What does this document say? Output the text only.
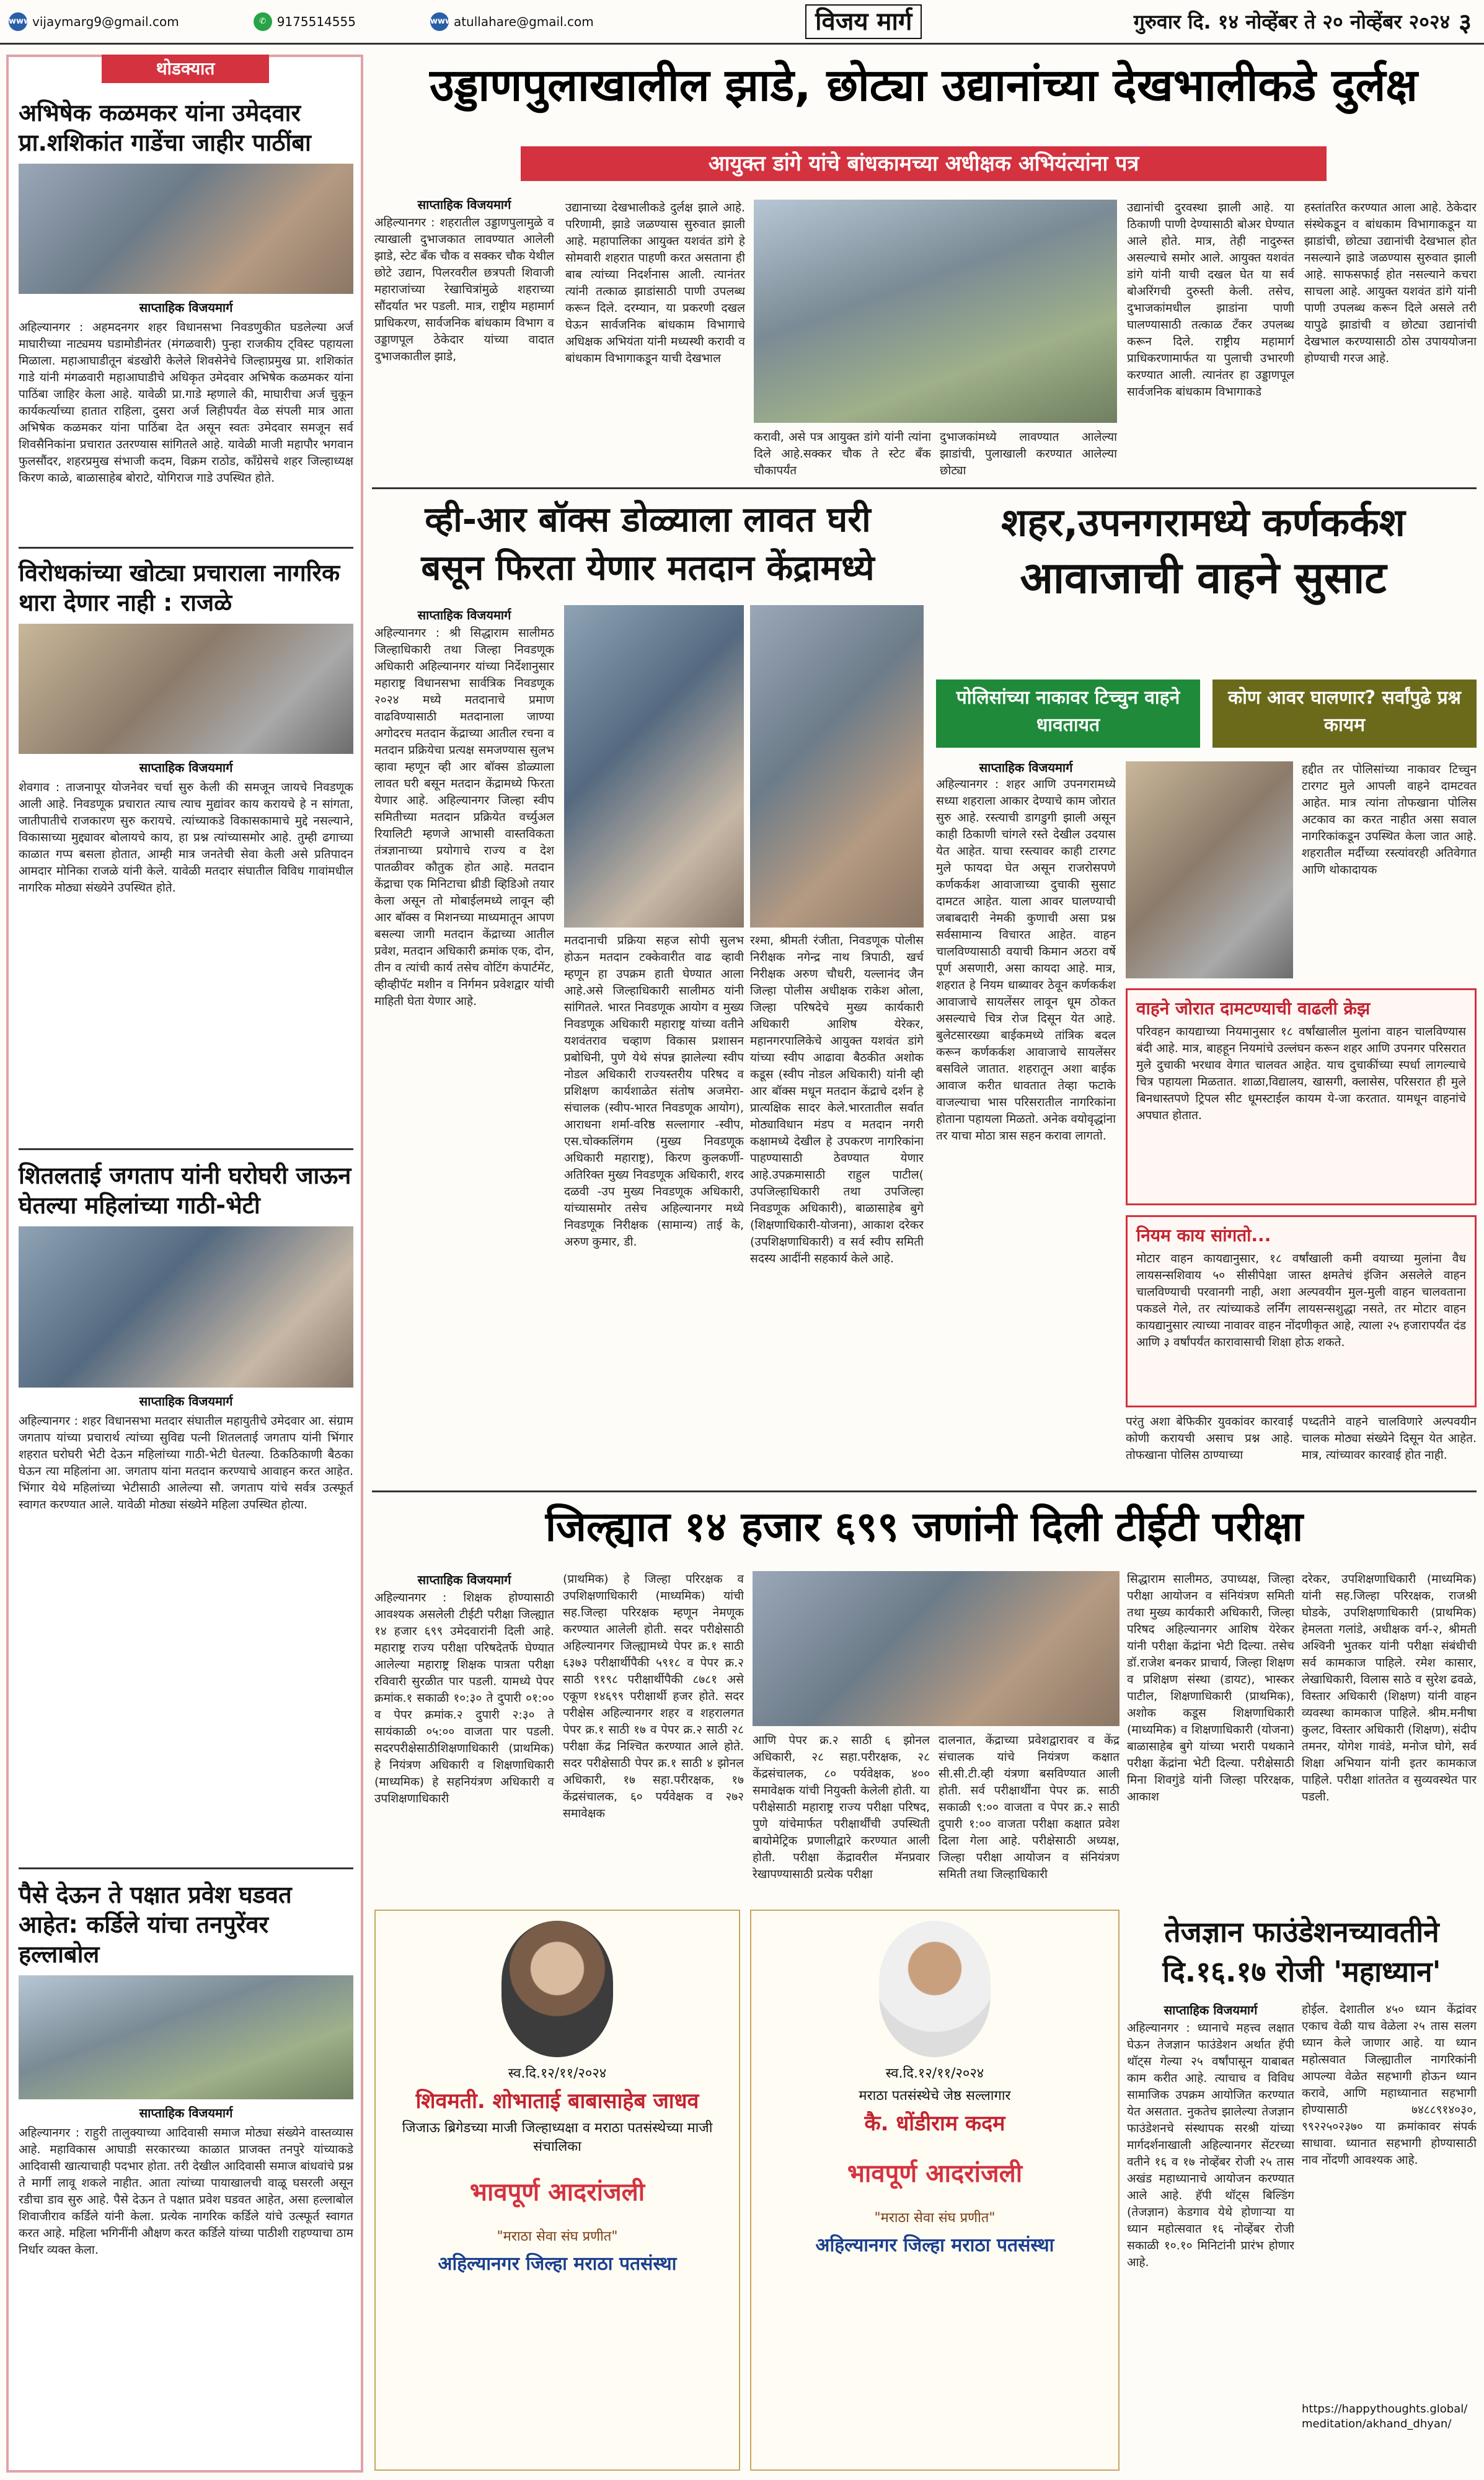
www vijaymarg9@gmail.com	✆ 9175514555	www atullahare@gmail.com	विजय मार्ग	गुरुवार दि. १४ नोव्हेंबर ते २० नोव्हेंबर २०२४ ३
थोडक्यात
अभिषेक कळमकर यांना उमेदवार प्रा.शशिकांत गाडेंचा जाहीर पाठींबा
साप्ताहिक विजयमार्ग
अहिल्यानगर : अहमदनगर शहर विधानसभा निवडणुकीत घडलेल्या अर्ज माघारीच्या नाट्यमय घडामोडीनंतर (मंगळवारी) पुन्हा राजकीय ट्विस्ट पहायला मिळाला. महाआघाडीतून बंडखोरी केलेले शिवसेनेचे जिल्हाप्रमुख प्रा. शशिकांत गाडे यांनी मंगळवारी महाआघाडीचे अधिकृत उमेदवार अभिषेक कळमकर यांना पाठिंबा जाहिर केला आहे. यावेळी प्रा.गाडे म्हणाले की, माघारीचा अर्ज चुकून कार्यकर्त्याच्या हातात राहिला, दुसरा अर्ज लिहीपर्यंत वेळ संपली मात्र आता अभिषेक कळमकर यांना पाठिंबा देत असून स्वतः उमेदवार समजून सर्व शिवसैनिकांना प्रचारात उतरण्यास सांगितले आहे. यावेळी माजी महापौर भगवान फुलसौंदर, शहरप्रमुख संभाजी कदम, विक्रम राठोड, काँग्रेसचे शहर जिल्हाध्यक्ष किरण काळे, बाळासाहेब बोराटे, योगिराज गाडे उपस्थित होते.
विरोधकांच्या खोट्या प्रचाराला नागरिक थारा देणार नाही : राजळे
साप्ताहिक विजयमार्ग
शेवगाव : ताजनापूर योजनेवर चर्चा सुरु केली की समजून जायचे निवडणूक आली आहे. निवडणूक प्रचारात त्याच त्याच मुद्यांवर काय करायचे हे न सांगता, जातीपातीचे राजकारण सुरु करायचे. त्यांच्याकडे विकासकामाचे मुद्दे नसल्याने, विकासाच्या मुद्द्यावर बोलायचे काय, हा प्रश्न त्यांच्यासमोर आहे. तुम्ही ढगाच्या काळात गप्प बसला होतात, आम्ही मात्र जनतेची सेवा केली असे प्रतिपादन आमदार मोनिका राजळे यांनी केले. यावेळी मतदार संघातील विविध गावांमधील नागरिक मोठ्या संख्येने उपस्थित होते.
शितलताई जगताप यांनी घरोघरी जाऊन घेतल्या महिलांच्या गाठी-भेटी
साप्ताहिक विजयमार्ग
अहिल्यानगर : शहर विधानसभा मतदार संघातील महायुतीचे उमेदवार आ. संग्राम जगताप यांच्या प्रचारार्थ त्यांच्या सुविद्य पत्नी शितलताई जगताप यांनी भिंगार शहरात घरोघरी भेटी देऊन महिलांच्या गाठी-भेटी घेतल्या. ठिकठिकाणी बैठका घेऊन त्या महिलांना आ. जगताप यांना मतदान करण्याचे आवाहन करत आहेत. भिंगार येथे महिलांच्या भेटीसाठी आलेल्या सौ. जगताप यांचे सर्वत्र उत्स्फूर्त स्वागत करण्यात आले. यावेळी मोठ्या संख्येने महिला उपस्थित होत्या.
पैसे देऊन ते पक्षात प्रवेश घडवत आहेत: कर्डिले यांचा तनपुरेंवर हल्लाबोल
साप्ताहिक विजयमार्ग
अहिल्यानगर : राहुरी तालुक्याच्या आदिवासी समाज मोठ्या संख्येने वास्तव्यास आहे. महाविकास आघाडी सरकारच्या काळात प्राजक्त तनपुरे यांच्याकडे आदिवासी खात्याचाही पदभार होता. तरी देखील आदिवासी समाज बांधवांचे प्रश्न ते मार्गी लावू शकले नाहीत. आता त्यांच्या पायाखालची वाळू घसरली असून रडीचा डाव सुरु आहे. पैसे देऊन ते पक्षात प्रवेश घडवत आहेत, असा हल्लाबोल शिवाजीराव कर्डिले यांनी केला. प्रत्येक नागरिक कर्डिले यांचे उत्स्फूर्त स्वागत करत आहे. महिला भगिनींनी औक्षण करत कर्डिले यांच्या पाठीशी राहण्याचा ठाम निर्धार व्यक्त केला.
उड्डाणपुलाखालील झाडे, छोट्या उद्यानांच्या देखभालीकडे दुर्लक्ष
आयुक्त डांगे यांचे बांधकामच्या अधीक्षक अभियंत्यांना पत्र
साप्ताहिक विजयमार्ग
अहिल्यानगर : शहरातील उड्डाणपुलामुळे व त्याखाली दुभाजकात लावण्यात आलेली झाडे, स्टेट बँक चौक व सक्कर चौक येथील छोटे उद्यान, पिलरवरील छत्रपती शिवाजी महाराजांच्या रेखाचित्रांमुळे शहराच्या सौंदर्यात भर पडली. मात्र, राष्ट्रीय महामार्ग प्राधिकरण, सार्वजनिक बांधकाम विभाग व उड्डाणपूल ठेकेदार यांच्या वादात दुभाजकातील झाडे,
उद्यानाच्या देखभालीकडे दुर्लक्ष झाले आहे. परिणामी, झाडे जळण्यास सुरुवात झाली आहे. महापालिका आयुक्त यशवंत डांगे हे सोमवारी शहरात पाहणी करत असताना ही बाब त्यांच्या निदर्शनास आली. त्यानंतर त्यांनी तत्काळ झाडांसाठी पाणी उपलब्ध करून दिले. दरम्यान, या प्रकरणी दखल घेऊन सार्वजनिक बांधकाम विभागाचे अधिक्षक अभियंता यांनी मध्यस्थी करावी व बांधकाम विभागाकडून याची देखभाल
करावी, असे पत्र आयुक्त डांगे यांनी त्यांना दिले आहे.सक्कर चौक ते स्टेट बँक चौकापर्यंत
दुभाजकांमध्ये लावण्यात आलेल्या झाडांची, पुलाखाली करण्यात आलेल्या छोट्या
उद्यानांची दुरवस्था झाली आहे. या ठिकाणी पाणी देण्यासाठी बोअर घेण्यात आले होते. मात्र, तेही नादुरुस्त असल्याचे समोर आले. आयुक्त यशवंत डांगे यांनी याची दखल घेत या सर्व बोअरिंगची दुरुस्ती केली. तसेच, दुभाजकांमधील झाडांना पाणी घालण्यासाठी तत्काळ टँकर उपलब्ध करून दिले. राष्ट्रीय महामार्ग प्राधिकरणामार्फत या पुलाची उभारणी करण्यात आली. त्यानंतर हा उड्डाणपूल सार्वजनिक बांधकाम विभागाकडे
हस्तांतरित करण्यात आला आहे. ठेकेदार संस्थेकडून व बांधकाम विभागाकडून या झाडांची, छोट्या उद्यानांची देखभाल होत नसल्याने झाडे जळण्यास सुरुवात झाली आहे. साफसफाई होत नसल्याने कचरा साचला आहे. आयुक्त यशवंत डांगे यांनी पाणी उपलब्ध करून दिले असले तरी यापुढे झाडांची व छोट्या उद्यानांची देखभाल करण्यासाठी ठोस उपाययोजना होण्याची गरज आहे.
व्ही-आर बॉक्स डोळ्याला लावत घरी
बसून फिरता येणार मतदान केंद्रामध्ये
साप्ताहिक विजयमार्ग
अहिल्यानगर : श्री सिद्धाराम सालीमठ जिल्हाधिकारी तथा जिल्हा निवडणूक अधिकारी अहिल्यानगर यांच्या निर्देशानुसार महाराष्ट्र विधानसभा सार्वत्रिक निवडणूक २०२४ मध्ये मतदानाचे प्रमाण वाढविण्यासाठी मतदानाला जाण्या अगोदरच मतदान केंद्राच्या आतील रचना व मतदान प्रक्रियेचा प्रत्यक्ष समजण्यास सुलभ व्हावा म्हणून व्ही आर बॉक्स डोळ्याला लावत घरी बसून मतदान केंद्रामध्ये फिरता येणार आहे. अहिल्यानगर जिल्हा स्वीप समितीच्या मतदान प्रक्रियेत वर्च्युअल रियालिटी म्हणजे आभासी वास्तविकता तंत्रज्ञानाच्या प्रयोगाचे राज्य व देश पातळीवर कौतुक होत आहे. मतदान केंद्राचा एक मिनिटाचा थ्रीडी व्हिडिओ तयार केला असून तो मोबाईलमध्ये लावून व्ही आर बॉक्स व मिशनच्या माध्यमातून आपण बसल्या जागी मतदान केंद्राच्या आतील प्रवेश, मतदान अधिकारी क्रमांक एक, दोन, तीन व त्यांची कार्य तसेच वोटिंग कंपार्टमेंट, व्हीव्हीपॅट मशीन व निर्गमन प्रवेशद्वार यांची माहिती घेता येणार आहे.
मतदानाची प्रक्रिया सहज सोपी सुलभ होऊन मतदान टक्केवारीत वाढ व्हावी म्हणून हा उपक्रम हाती घेण्यात आला आहे.असे जिल्हाधिकारी सालीमठ यांनी सांगितले. भारत निवडणूक आयोग व मुख्य निवडणूक अधिकारी महाराष्ट्र यांच्या वतीने यशवंतराव चव्हाण विकास प्रशासन प्रबोधिनी, पुणे येथे संपन्न झालेल्या स्वीप नोडल अधिकारी राज्यस्तरीय परिषद व प्रशिक्षण कार्यशाळेत संतोष अजमेरा-संचालक (स्वीप-भारत निवडणूक आयोग), आराधना शर्मा-वरिष्ठ सल्लागार -स्वीप, एस.चोक्कलिंगम (मुख्य निवडणूक अधिकारी महाराष्ट्र), किरण कुलकर्णी- अतिरिक्त मुख्य निवडणूक अधिकारी, शरद दळवी -उप मुख्य निवडणूक अधिकारी, यांच्यासमोर तसेच अहिल्यानगर मध्ये निवडणूक निरीक्षक (सामान्य) ताई के, अरुण कुमार, डी.
रश्मा, श्रीमती रंजीता, निवडणूक पोलीस निरीक्षक नगेन्द्र नाथ त्रिपाठी, खर्च निरीक्षक अरुण चौधरी, यल्लानंद जैन जिल्हा पोलीस अधीक्षक राकेश ओला, जिल्हा परिषदेचे मुख्य कार्यकारी अधिकारी आशिष येरेकर, महानगरपालिकेचे आयुक्त यशवंत डांगे यांच्या स्वीप आढावा बैठकीत अशोक कडूस (स्वीप नोडल अधिकारी) यांनी व्ही आर बॉक्स मधून मतदान केंद्राचे दर्शन हे प्रात्यक्षिक सादर केले.भारतातील सर्वात मोठ्याविधान मंडप व मतदान नगरी कक्षामध्ये देखील हे उपकरण नागरिकांना पाहण्यासाठी ठेवण्यात येणार आहे.उपक्रमासाठी राहुल पाटील( उपजिल्हाधिकारी तथा उपजिल्हा निवडणूक अधिकारी), बाळासाहेब बुगे (शिक्षणाधिकारी-योजना), आकाश दरेकर (उपशिक्षणाधिकारी) व सर्व स्वीप समिती सदस्य आदींनी सहकार्य केले आहे.
शहर,उपनगरामध्ये कर्णकर्कश
आवाजाची वाहने सुसाट
पोलिसांच्या नाकावर टिच्चुन वाहने धावतायत
कोण आवर घालणार? सर्वांपुढे प्रश्न कायम
साप्ताहिक विजयमार्ग
अहिल्यानगर : शहर आणि उपनगरामध्ये सध्या शहराला आकार देण्याचे काम जोरात सुरु आहे. रस्त्याची डागडुगी झाली असून काही ठिकाणी चांगले रस्ते देखील उदयास येत आहेत. याचा रस्त्यावर काही टारगट मुले फायदा घेत असून राजरोसपणे कर्णकर्कश आवाजाच्या दुचाकी सुसाट दामटत आहेत. याला आवर घालण्याची जबाबदारी नेमकी कुणाची असा प्रश्न सर्वसामान्य विचारत आहेत. वाहन चालविण्यासाठी वयाची किमान अठरा वर्षे पूर्ण असणारी, असा कायदा आहे. मात्र, शहरात हे नियम धाब्यावर ठेवून कर्णकर्कश आवाजाचे सायलेंसर लावून धूम ठोकत असल्याचे चित्र रोज दिसून येत आहे. बुलेटसारख्या बाईकमध्ये तांत्रिक बदल करून कर्णकर्कश आवाजाचे सायलेंसर बसविले जातात. शहरातून अशा बाईक आवाज करीत धावतात तेव्हा फटाके वाजल्याचा भास परिसरातील नागरिकांना होताना पहायला मिळतो. अनेक वयोवृद्धांना तर याचा मोठा त्रास सहन करावा लागतो.
हद्दीत तर पोलिसांच्या नाकावर टिच्चुन टारगट मुले आपली वाहने दामटवत आहेत. मात्र त्यांना तोफखाना पोलिस अटकाव का करत नाहीत असा सवाल नागरिकांकडून उपस्थित केला जात आहे. शहरातील मर्दीच्या रस्त्यांवरही अतिवेगात आणि थोकादायक
वाहने जोरात दामटण्याची वाढली क्रेझ
परिवहन कायद्याच्या नियमानुसार १८ वर्षांखालील मुलांना वाहन चालविण्यास बंदी आहे. मात्र, बाहहून नियमांचे उल्लंघन करून शहर आणि उपनगर परिसरात मुले दुचाकी भरधाव वेगात चालवत आहेत. याच दुचाकींच्या स्पर्धा लागल्याचे चित्र पहायला मिळतात. शाळा,विद्यालय, खासगी, क्लासेस, परिसरात ही मुले बिनधास्तपणे ट्रिपल सीट धूमस्टाईल कायम ये-जा करतात. यामधून वाहनांचे अपघात होतात.
नियम काय सांगतो...
मोटार वाहन कायद्यानुसार, १८ वर्षांखाली कमी वयाच्या मुलांना वैध लायसन्सशिवाय ५० सीसीपेक्षा जास्त क्षमतेचं इंजिन असलेले वाहन चालविण्याची परवानगी नाही, अशा अल्पवयीन मुल-मुली वाहन चालवताना पकडले गेले, तर त्यांच्याकडे लर्निंग लायसन्सशुद्धा नसते, तर मोटार वाहन कायद्यानुसार त्याच्या नावावर वाहन नोंदणीकृत आहे, त्याला २५ हजारापर्यंत दंड आणि ३ वर्षांपर्यंत कारावासाची शिक्षा होऊ शकते.
परंतु अशा बेफिकीर युवकांवर कारवाई कोणी करायची असाच प्रश्न आहे. तोफखाना पोलिस ठाण्याच्या
पध्दतीने वाहने चालविणारे अल्पवयीन चालक मोठ्या संख्येने दिसून येत आहेत. मात्र, त्यांच्यावर कारवाई होत नाही.
जिल्ह्यात १४ हजार ६९९ जणांनी दिली टीईटी परीक्षा
साप्ताहिक विजयमार्ग
अहिल्यानगर : शिक्षक होण्यासाठी आवश्यक असलेली टीईटी परीक्षा जिल्ह्यात १४ हजार ६९९ उमेदवारांनी दिली आहे. महाराष्ट्र राज्य परीक्षा परिषदेतर्फे घेण्यात आलेल्या महाराष्ट्र शिक्षक पात्रता परीक्षा रविवारी सुरळीत पार पडली. यामध्ये पेपर क्रमांक.१ सकाळी १०:३० ते दुपारी ०१:०० व पेपर क्रमांक.२ दुपारी २:३० ते सायंकाळी ०५:०० वाजता पार पडली. सदरपरीक्षेसाठीशिक्षणाधिकारी (प्राथमिक) हे नियंत्रण अधिकारी व शिक्षणाधिकारी (माध्यमिक) हे सहनियंत्रण अधिकारी व उपशिक्षणाधिकारी
(प्राथमिक) हे जिल्हा परिरक्षक व उपशिक्षणाधिकारी (माध्यमिक) यांची सह.जिल्हा परिरक्षक म्हणून नेमणूक करण्यात आलेली होती. सदर परीक्षेसाठी अहिल्यानगर जिल्ह्यामध्ये पेपर क्र.१ साठी ६३७३ परीक्षार्थीपैकी ५९१८ व पेपर क्र.२ साठी ९१९८ परीक्षार्थीपैकी ८७८१ असे एकूण १४६९९ परीक्षार्थी हजर होते. सदर परीक्षेस अहिल्यानगर शहर व शहरालगत पेपर क्र.१ साठी १७ व पेपर क्र.२ साठी २८ परीक्षा केंद्र निश्चित करण्यात आले होते. सदर परीक्षेसाठी पेपर क्र.१ साठी ४ झोनल अधिकारी, १७ सहा.परीरक्षक, १७ केंद्रसंचालक, ६० पर्यवेक्षक व २७२ समावेक्षक
आणि पेपर क्र.२ साठी ६ झोनल अधिकारी, २८ सहा.परीरक्षक, २८ केंद्रसंचालक, ८० पर्यवेक्षक, ४०० समावेक्षक यांची नियुक्ती केलेली होती. या परीक्षेसाठी महाराष्ट्र राज्य परीक्षा परिषद, पुणे यांचेमार्फत परीक्षार्थींची उपस्थिती बायोमेट्रिक प्रणालीद्वारे करण्यात आली होती. परीक्षा केंद्रावरील मॅनप्रवार रेखापण्यासाठी प्रत्येक परीक्षा
दालनात, केंद्राच्या प्रवेशद्वारावर व केंद्र संचालक यांचे नियंत्रण कक्षात सी.सी.टी.व्ही यंत्रणा बसविण्यात आली होती. सर्व परीक्षार्थींना पेपर क्र. साठी सकाळी ९:०० वाजता व पेपर क्र.२ साठी दुपारी १:०० वाजता परीक्षा कक्षात प्रवेश दिला गेला आहे. परीक्षेसाठी अध्यक्ष, जिल्हा परीक्षा आयोजन व संनियंत्रण समिती तथा जिल्हाधिकारी
सिद्धाराम सालीमठ, उपाध्यक्ष, जिल्हा परीक्षा आयोजन व संनियंत्रण समिती तथा मुख्य कार्यकारी अधिकारी, जिल्हा परिषद अहिल्यानगर आशिष येरेकर यांनी परीक्षा केंद्रांना भेटी दिल्या. तसेच डॉ.राजेश बनकर प्राचार्य, जिल्हा शिक्षण व प्रशिक्षण संस्था (डायट), भास्कर पाटील, शिक्षणाधिकारी (प्राथमिक), अशोक कडूस शिक्षणाधिकारी (माध्यमिक) व शिक्षणाधिकारी (योजना) बाळासाहेब बुगे यांच्या भरारी पथकाने परीक्षा केंद्रांना भेटी दिल्या. परीक्षेसाठी मिना शिवगुंडे यांनी जिल्हा परिरक्षक, आकाश
दरेकर, उपशिक्षणाधिकारी (माध्यमिक) यांनी सह.जिल्हा परिरक्षक, राजश्री घोडके, उपशिक्षणाधिकारी (प्राथमिक) हेमलता गलांडे, अधीक्षक वर्ग-२, श्रीमती अश्विनी भुतकर यांनी परीक्षा संबंधीची सर्व कामकाज पाहिले. रमेश कासार, लेखाधिकारी, विलास साठे व सुरेश ढवळे, विस्तार अधिकारी (शिक्षण) यांनी वाहन व्यवस्था कामकाज पाहिले. श्रीम.मनीषा कुलट, विस्तार अधिकारी (शिक्षण), संदीप तमनर, योगेश गावंडे, मनोज घोगे, सर्व शिक्षा अभियान यांनी इतर कामकाज पाहिले. परीक्षा शांततेत व सुव्यवस्थेत पार पडली.
स्व.दि.१२/११/२०२४
शिवमती. शोभाताई बाबासाहेब जाधव
जिजाऊ ब्रिगेडच्या माजी जिल्हाध्यक्षा व मराठा पतसंस्थेच्या माजी संचालिका
भावपूर्ण आदरांजली
"मराठा सेवा संघ प्रणीत"
अहिल्यानगर जिल्हा मराठा पतसंस्था
स्व.दि.१२/११/२०२४
मराठा पतसंस्थेचे जेष्ठ सल्लागार
कै. धोंडीराम कदम
भावपूर्ण आदरांजली
"मराठा सेवा संघ प्रणीत"
अहिल्यानगर जिल्हा मराठा पतसंस्था
तेजज्ञान फाउंडेशनच्यावतीने
दि.१६.१७ रोजी 'महाध्यान'
साप्ताहिक विजयमार्ग
अहिल्यानगर : ध्यानाचे महत्त्व लक्षात घेऊन तेजज्ञान फाउंडेशन अर्थात हॅपी थॉट्स गेल्या २५ वर्षांपासून याबाबत काम करीत आहे. त्याचाच व विविध सामाजिक उपक्रम आयोजित करण्यात येत असतात. नुकतेच झालेल्या तेजज्ञान फाउंडेशनचे संस्थापक सरश्री यांच्या मार्गदर्शनाखाली अहिल्यानगर सेंटरच्या वतीने १६ व १७ नोव्हेंबर रोजी २५ तास अखंड महाध्यानाचे आयोजन करण्यात आले आहे. हॅपी थॉट्स बिल्डिंग (तेजज्ञान) केडगाव येथे होणाऱ्या या ध्यान महोत्सवात १६ नोव्हेंबर रोजी सकाळी १०.१० मिनिटांनी प्रारंभ होणार आहे.
होईल. देशातील ४५० ध्यान केंद्रांवर एकाच वेळी याच वेळेला २५ तास सलग ध्यान केले जाणार आहे. या ध्यान महोत्सवात जिल्ह्यातील नागरिकांनी आपल्या वेळेत सहभागी होऊन ध्यान करावे, आणि महाध्यानात सहभागी होण्यासाठी ७४८८९१४०३०, ९९२२५०२३७० या क्रमांकावर संपर्क साधावा. ध्यानात सहभागी होण्यासाठी नाव नोंदणी आवश्यक आहे.
https://happythoughts.global/meditation/akhand_dhyan/
